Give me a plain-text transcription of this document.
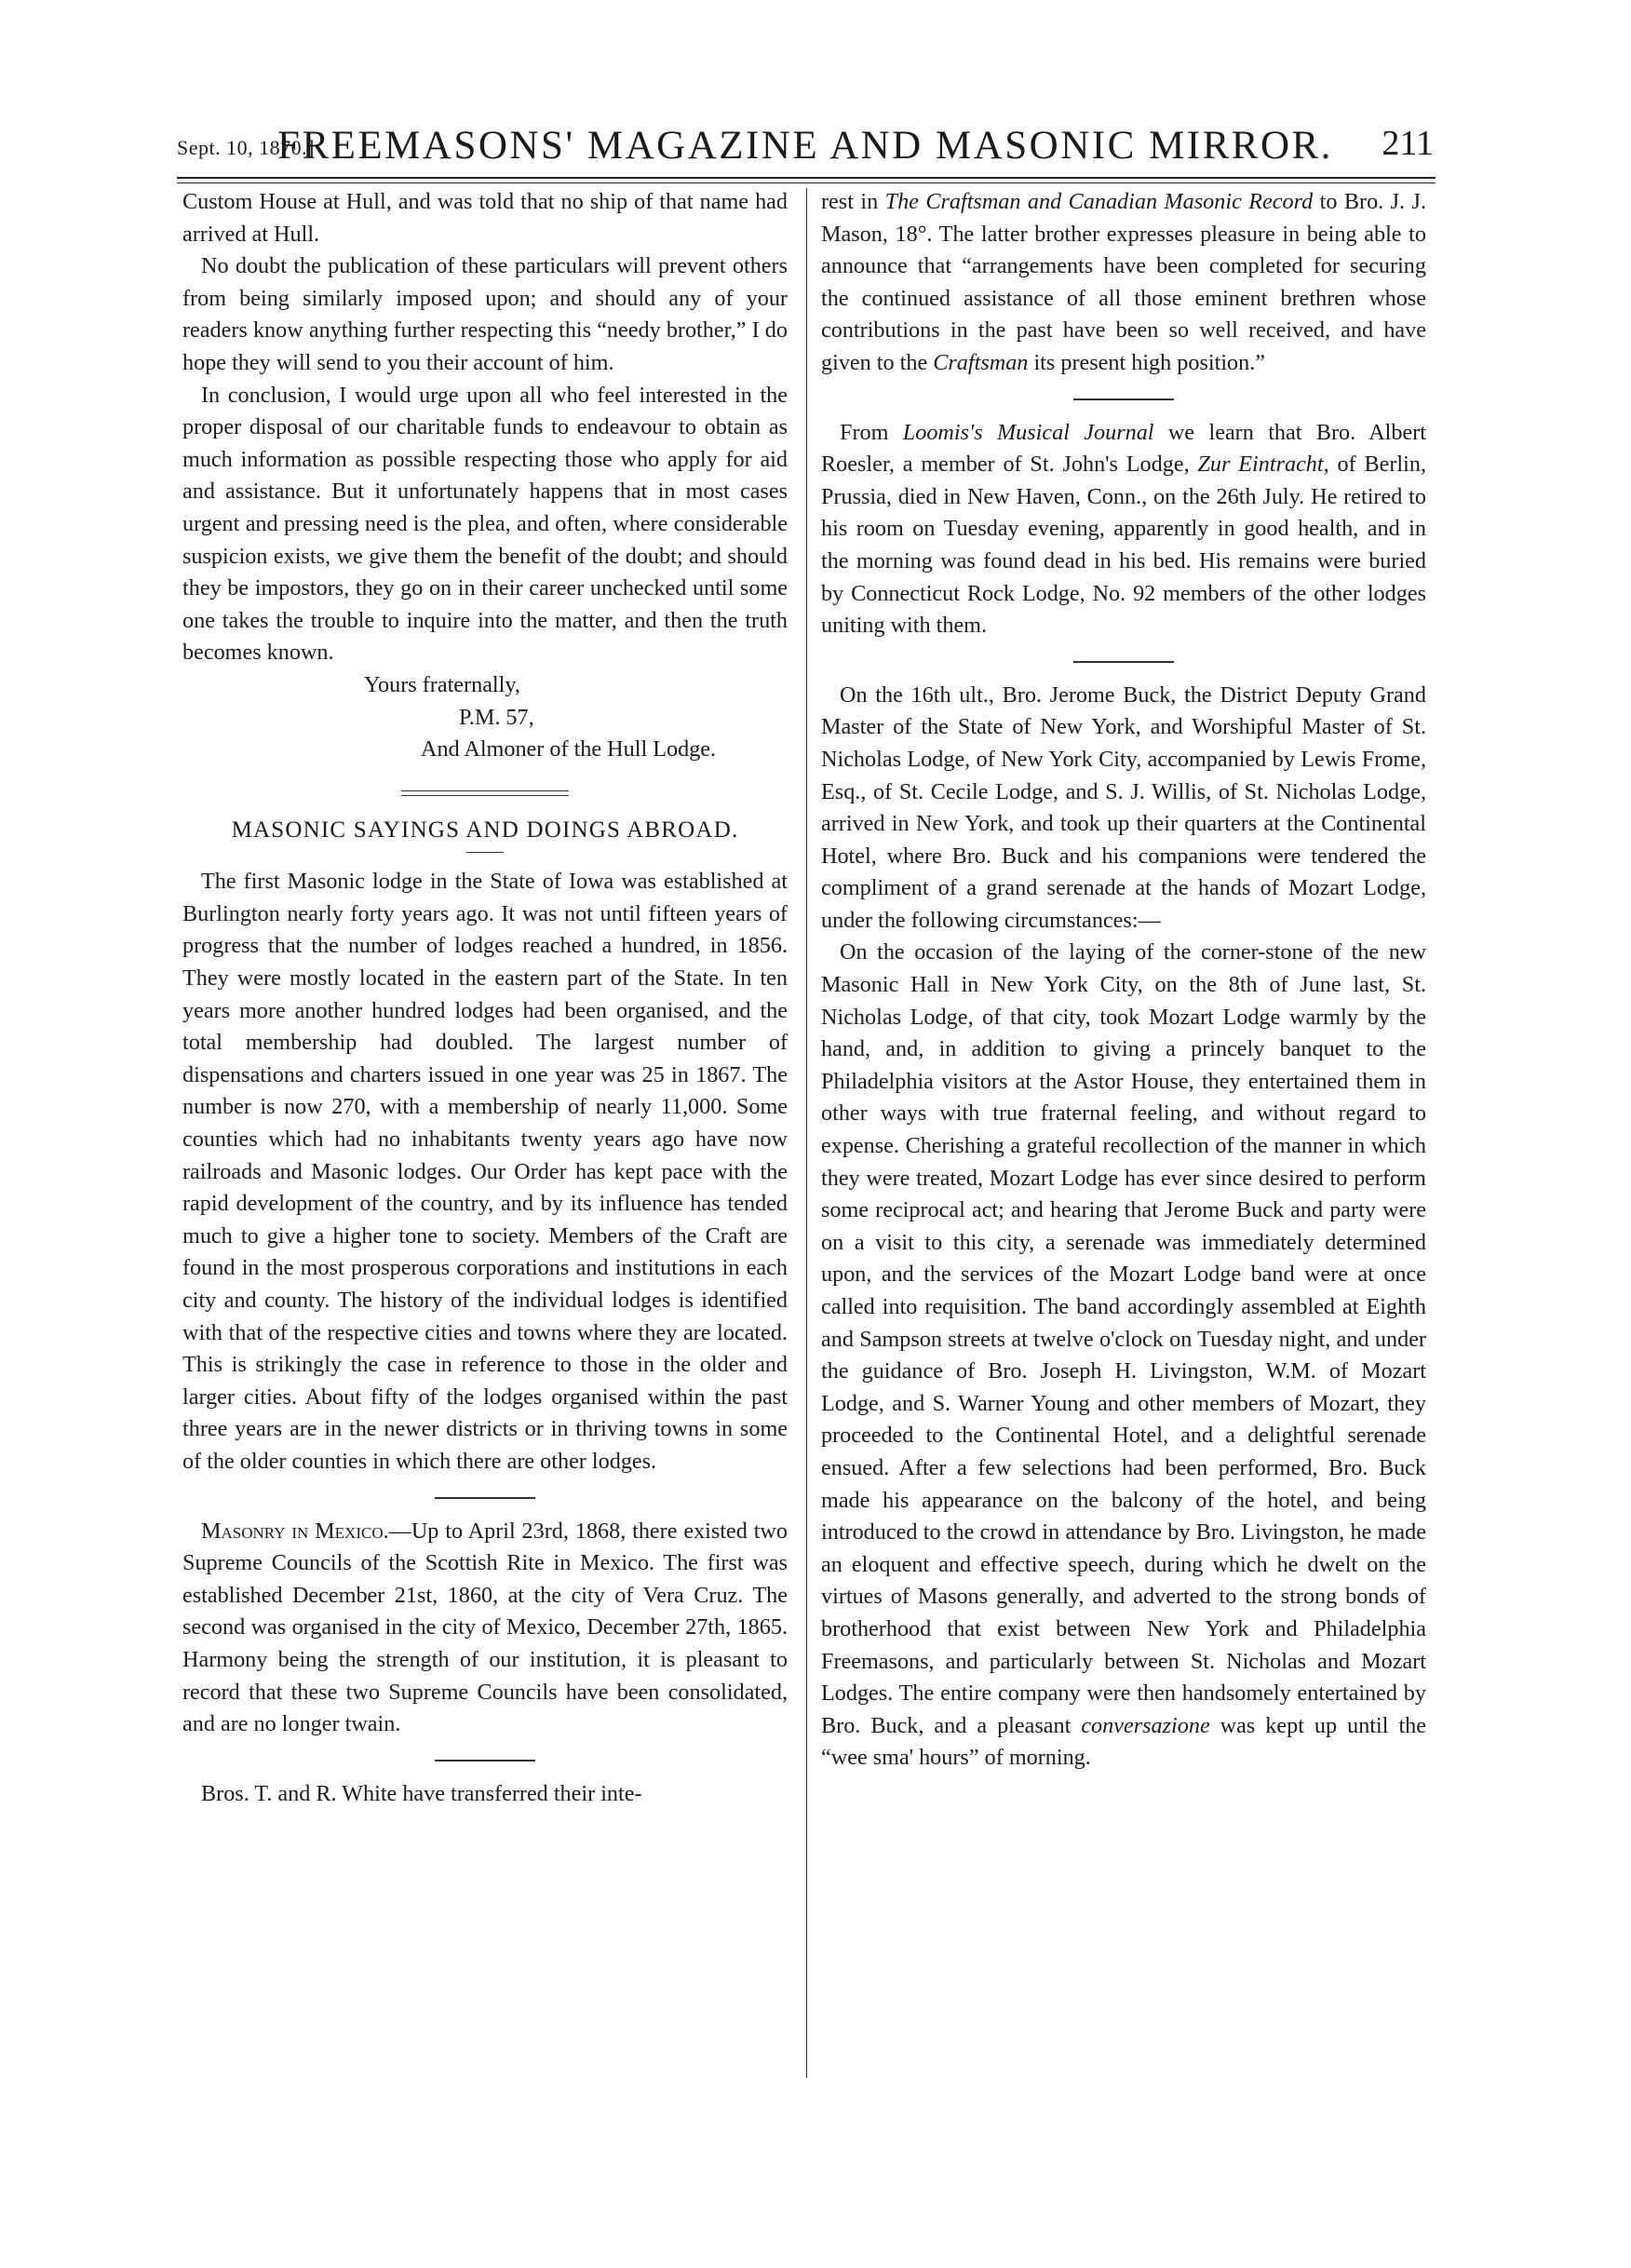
Sept. 10, 1870.]
FREEMASONS' MAGAZINE AND MASONIC MIRROR.	211

Custom House at Hull, and was told that no ship of that name had arrived at Hull.

No doubt the publication of these particulars will prevent others from being similarly imposed upon; and should any of your readers know anything further respecting this “needy brother,” I do hope they will send to you their account of him.

In conclusion, I would urge upon all who feel interested in the proper disposal of our charitable funds to endeavour to obtain as much information as possible respecting those who apply for aid and assistance. But it unfortunately happens that in most cases urgent and pressing need is the plea, and often, where considerable suspicion exists, we give them the benefit of the doubt; and should they be impostors, they go on in their career unchecked until some one takes the trouble to inquire into the matter, and then the truth becomes known.

Yours fraternally,

P.M. 57,

And Almoner of the Hull Lodge.

MASONIC SAYINGS AND DOINGS ABROAD.

The first Masonic lodge in the State of Iowa was established at Burlington nearly forty years ago. It was not until fifteen years of progress that the number of lodges reached a hundred, in 1856. They were mostly located in the eastern part of the State. In ten years more another hundred lodges had been organised, and the total membership had doubled. The largest number of dispensations and charters issued in one year was 25 in 1867. The number is now 270, with a membership of nearly 11,000. Some counties which had no inhabitants twenty years ago have now railroads and Masonic lodges. Our Order has kept pace with the rapid development of the country, and by its influence has tended much to give a higher tone to society. Members of the Craft are found in the most prosperous corporations and institutions in each city and county. The history of the individual lodges is identified with that of the respective cities and towns where they are located. This is strikingly the case in reference to those in the older and larger cities. About fifty of the lodges organised within the past three years are in the newer districts or in thriving towns in some of the older counties in which there are other lodges.

Masonry in Mexico.—Up to April 23rd, 1868, there existed two Supreme Councils of the Scottish Rite in Mexico. The first was established December 21st, 1860, at the city of Vera Cruz. The second was organised in the city of Mexico, December 27th, 1865. Harmony being the strength of our institution, it is pleasant to record that these two Supreme Councils have been consolidated, and are no longer twain.

Bros. T. and R. White have transferred their inte-

rest in The Craftsman and Canadian Masonic Record to Bro. J. J. Mason, 18°. The latter brother expresses pleasure in being able to announce that “arrangements have been completed for securing the continued assistance of all those eminent brethren whose contributions in the past have been so well received, and have given to the Craftsman its present high position.”

From Loomis's Musical Journal we learn that Bro. Albert Roesler, a member of St. John's Lodge, Zur Eintracht, of Berlin, Prussia, died in New Haven, Conn., on the 26th July. He retired to his room on Tuesday evening, apparently in good health, and in the morning was found dead in his bed. His remains were buried by Connecticut Rock Lodge, No. 92 members of the other lodges uniting with them.

On the 16th ult., Bro. Jerome Buck, the District Deputy Grand Master of the State of New York, and Worshipful Master of St. Nicholas Lodge, of New York City, accompanied by Lewis Frome, Esq., of St. Cecile Lodge, and S. J. Willis, of St. Nicholas Lodge, arrived in New York, and took up their quarters at the Continental Hotel, where Bro. Buck and his companions were tendered the compliment of a grand serenade at the hands of Mozart Lodge, under the following circumstances:—

On the occasion of the laying of the corner-stone of the new Masonic Hall in New York City, on the 8th of June last, St. Nicholas Lodge, of that city, took Mozart Lodge warmly by the hand, and, in addition to giving a princely banquet to the Philadelphia visitors at the Astor House, they entertained them in other ways with true fraternal feeling, and without regard to expense. Cherishing a grateful recollection of the manner in which they were treated, Mozart Lodge has ever since desired to perform some reciprocal act; and hearing that Jerome Buck and party were on a visit to this city, a serenade was immediately determined upon, and the services of the Mozart Lodge band were at once called into requisition. The band accordingly assembled at Eighth and Sampson streets at twelve o'clock on Tuesday night, and under the guidance of Bro. Joseph H. Livingston, W.M. of Mozart Lodge, and S. Warner Young and other members of Mozart, they proceeded to the Continental Hotel, and a delightful serenade ensued. After a few selections had been performed, Bro. Buck made his appearance on the balcony of the hotel, and being introduced to the crowd in attendance by Bro. Livingston, he made an eloquent and effective speech, during which he dwelt on the virtues of Masons generally, and adverted to the strong bonds of brotherhood that exist between New York and Philadelphia Freemasons, and particularly between St. Nicholas and Mozart Lodges. The entire company were then handsomely entertained by Bro. Buck, and a pleasant conversazione was kept up until the “wee sma' hours” of morning.
